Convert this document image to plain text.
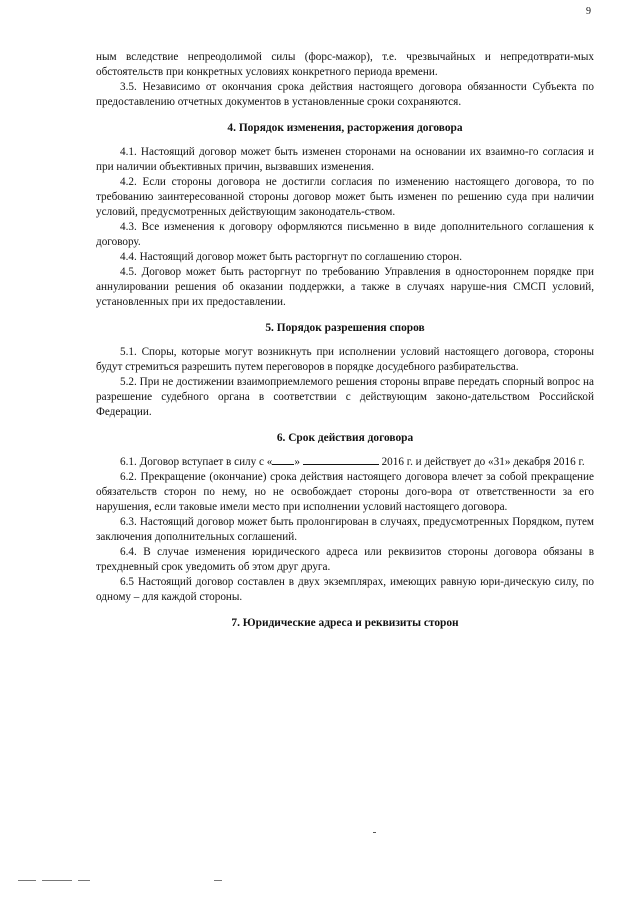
9

ным вследствие непреодолимой силы (форс-мажор), т.е. чрезвычайных и непредотврати-мых обстоятельств при конкретных условиях конкретного периода времени.

3.5. Независимо от окончания срока действия настоящего договора обязанности Субъекта по предоставлению отчетных документов в установленные сроки сохраняются.

4. Порядок изменения, расторжения договора

4.1. Настоящий договор может быть изменен сторонами на основании их взаимно-го согласия и при наличии объективных причин, вызвавших изменения.

4.2. Если стороны договора не достигли согласия по изменению настоящего договора, то по требованию заинтересованной стороны договор может быть изменен по решению суда при наличии условий, предусмотренных действующим законодатель-ством.

4.3. Все изменения к договору оформляются письменно в виде дополнительного соглашения к договору.

4.4. Настоящий договор может быть расторгнут по соглашению сторон.

4.5. Договор может быть расторгнут по требованию Управления в одностороннем порядке при аннулировании решения об оказании поддержки, а также в случаях наруше-ния СМСП условий, установленных при их предоставлении.

5. Порядок разрешения споров

5.1. Споры, которые могут возникнуть при исполнении условий настоящего договора, стороны будут стремиться разрешить путем переговоров в порядке досудебного разбирательства.

5.2. При не достижении взаимоприемлемого решения стороны вправе передать спорный вопрос на разрешение судебного органа в соответствии с действующим законо-дательством Российской Федерации.

6. Срок действия договора

6.1. Договор вступает в силу с « »	2016 г. и действует до «31» декабря 2016 г.

6.2. Прекращение (окончание) срока действия настоящего договора влечет за собой прекращение обязательств сторон по нему, но не освобождает стороны дого-вора от ответственности за его нарушения, если таковые имели место при исполнении условий настоящего договора.

6.3. Настоящий договор может быть пролонгирован в случаях, предусмотренных Порядком, путем заключения дополнительных соглашений.

6.4. В случае изменения юридического адреса или реквизитов стороны договора обязаны в трехдневный срок уведомить об этом друг друга.

6.5 Настоящий договор составлен в двух экземплярах, имеющих равную юри-дическую силу, по одному – для каждой стороны.

7. Юридические адреса и реквизиты сторон
